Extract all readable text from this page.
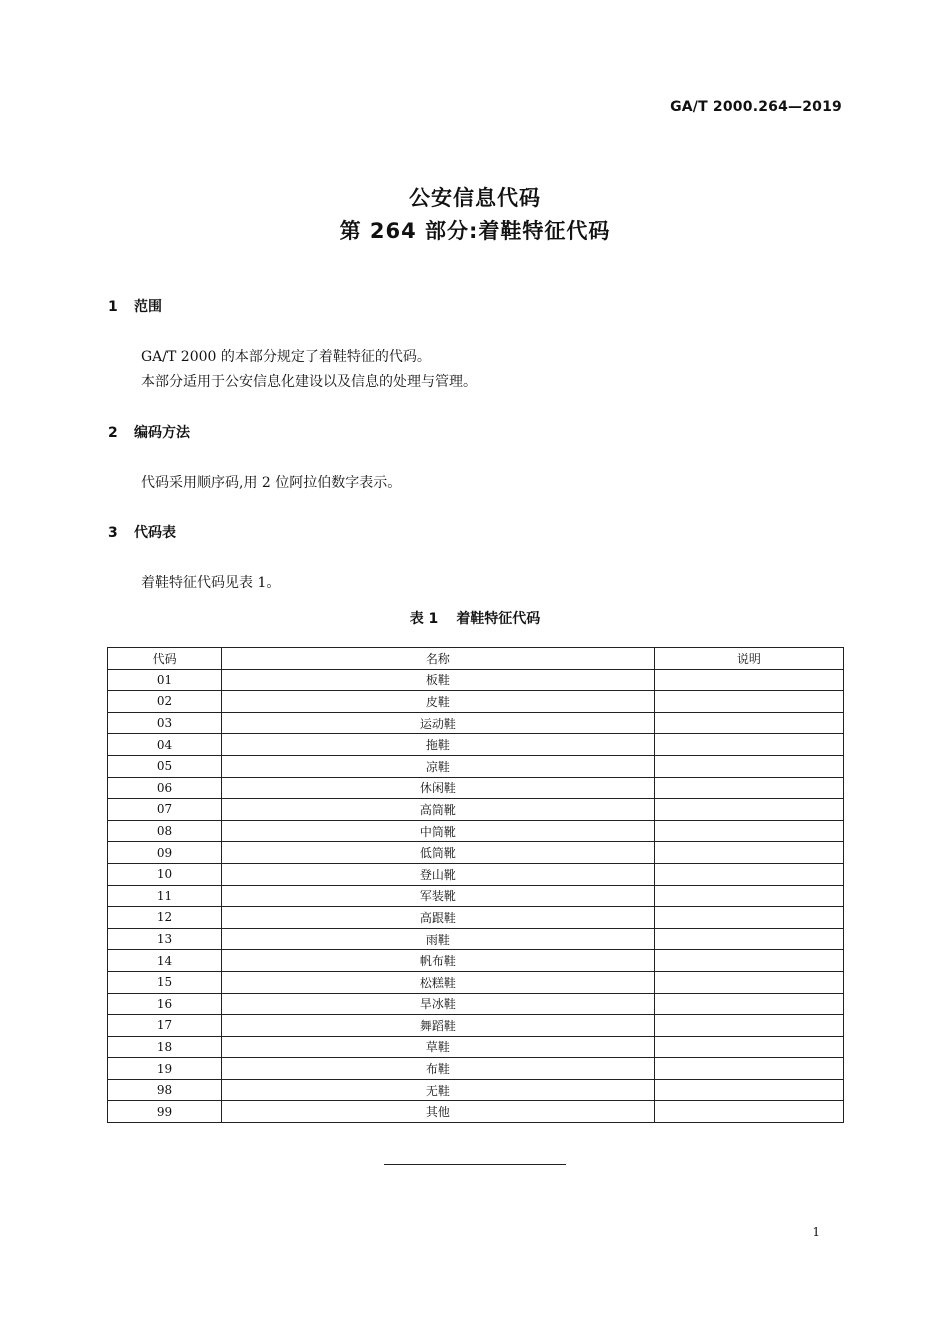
GA/T 2000.264—2019
公安信息代码
第 264 部分:着鞋特征代码
1 范围
GA/T 2000 的本部分规定了着鞋特征的代码。
本部分适用于公安信息化建设以及信息的处理与管理。
2 编码方法
代码采用顺序码,用 2 位阿拉伯数字表示。
3 代码表
着鞋特征代码见表 1。
表 1 着鞋特征代码
代码	名称	说明
01	板鞋	
02	皮鞋	
03	运动鞋	
04	拖鞋	
05	凉鞋	
06	休闲鞋	
07	高筒靴	
08	中筒靴	
09	低筒靴	
10	登山靴	
11	军装靴	
12	高跟鞋	
13	雨鞋	
14	帆布鞋	
15	松糕鞋	
16	旱冰鞋	
17	舞蹈鞋	
18	草鞋	
19	布鞋	
98	无鞋	
99	其他	
1
